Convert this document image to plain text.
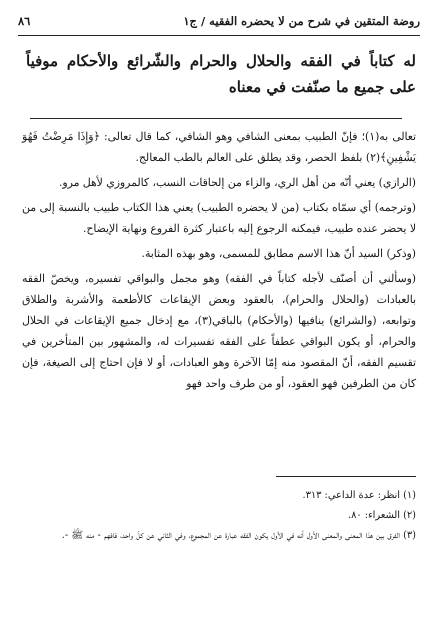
روضة المتقين في شرح من لا يحضره الفقيه / ج١
٨٦
له كتاباً في الفقه والحلال والحرام والشّرائع والأحكام موفياً على جميع ما صنّفت في معناه

تعالى به(١)؛ فإنّ الطبيب بمعنى الشافي وهو الشافي، كما قال تعالى: ﴿وَإِذَا مَرِضْتُ فَهُوَ يَشْفِينِ﴾(٢) بلفظ الحصر، وقد يطلق على العالم بالطب المعالج.

(الرازي) يعني أنّه من أهل الري، والزاء من إلحاقات النسب، كالمروزي لأهل مرو.

(وترجمه) أي سمّاه بكتاب (من لا يحضره الطبيب) يعني هذا الكتاب طبيب بالنسبة إلى من لا يحضر عنده طبيب، فيمكنه الرجوع إليه باعتبار كثرة الفروع ونهاية الإيضاح.

(وذكر) السيد أنّ هذا الاسم مطابق للمسمى، وهو بهذه المثابة.

(وسألني أن أصنّف لأجله كتاباً في الفقه) وهو مجمل والبواقي تفسيره، ويخصّ الفقه بالعبادات (والحلال والحرام)، بالعقود وبعض الإيقاعات كالأطعمة والأشربة والطلاق وتوابعه، (والشرائع) ينافيها (والأحكام) بالباقي(٣)، مع إدخال جميع الإيقاعات في الحلال والحرام، أو يكون البواقي عطفاً على الفقه تفسيرات له، والمشهور بين المتأخرين في تقسيم الفقه، أنّ المقصود منه إمّا الآخرة وهو العبادات، أو لا فإن احتاج إلى الصيغة، فإن كان من الطرفين فهو العقود، أو من طرف واحد فهو

(١) انظر: عدة الداعي: ٣١٣.

(٢) الشعراء: ٨٠.

(٣) الفرق بين هذا المعنى والمعنى الأول أنه في الأول يكون الفقه عبارة عن المجموع، وفي الثاني عن كلّ واحد، فافهم - منه ﷺ -.
